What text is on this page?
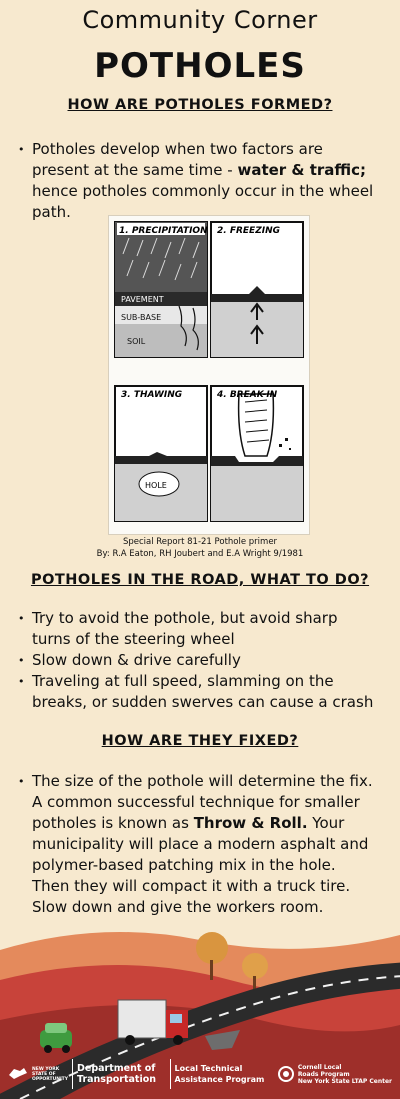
Community Corner
POTHOLES
HOW ARE POTHOLES FORMED?
• Potholes develop when two factors are present at the same time - water & traffic; hence potholes commonly occur in the wheel path.
1. PRECIPITATION
PAVEMENT
SUB-BASE
SOIL
2. FREEZING
3. THAWING
HOLE
4. BREAK-IN
Special Report 81-21 Pothole primer
By: R.A Eaton, RH Joubert and E.A Wright 9/1981
POTHOLES IN THE ROAD, WHAT TO DO?
• Try to avoid the pothole, but avoid sharp turns of the steering wheel
• Slow down & drive carefully
• Traveling at full speed, slamming on the breaks, or sudden swerves can cause a crash
HOW ARE THEY FIXED?
• The size of the pothole will determine the fix. A common successful technique for smaller potholes is known as Throw & Roll. Your municipality will place a modern asphalt and polymer-based patching mix in the hole. Then they will compact it with a truck tire. Slow down and give the workers room.
NEW YORK
STATE OF
OPPORTUNITY
Department of
Transportation
Local Technical
Assistance Program
Cornell Local
Roads Program
New York State LTAP Center
